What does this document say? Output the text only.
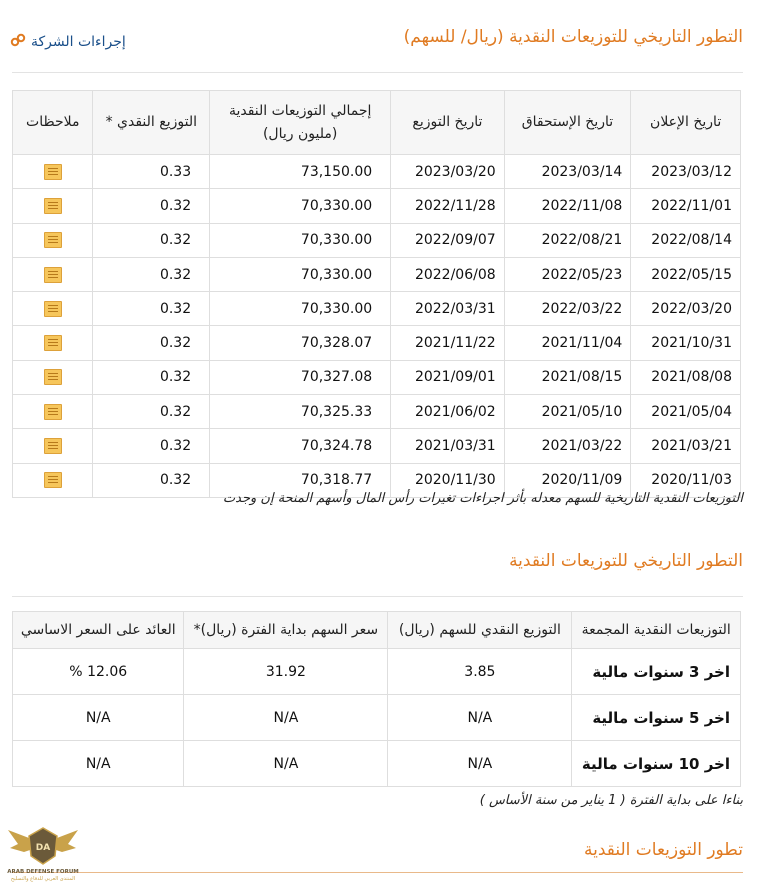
التطور التاريخي للتوزيعات النقدية (ريال/ للسهم)
إجراءات الشركة
تاريخ الإعلان	تاريخ الإستحقاق	تاريخ التوزيع	إجمالي التوزيعات النقدية (مليون ريال)	التوزيع النقدي *	ملاحظات
2023/03/12	2023/03/14	2023/03/20	73,150.00	0.33	
2022/11/01	2022/11/08	2022/11/28	70,330.00	0.32	
2022/08/14	2022/08/21	2022/09/07	70,330.00	0.32	
2022/05/15	2022/05/23	2022/06/08	70,330.00	0.32	
2022/03/20	2022/03/22	2022/03/31	70,330.00	0.32	
2021/10/31	2021/11/04	2021/11/22	70,328.07	0.32	
2021/08/08	2021/08/15	2021/09/01	70,327.08	0.32	
2021/05/04	2021/05/10	2021/06/02	70,325.33	0.32	
2021/03/21	2021/03/22	2021/03/31	70,324.78	0.32	
2020/11/03	2020/11/09	2020/11/30	70,318.77	0.32	
التوزيعات النقدية التاريخية للسهم معدله بأثر اجراءات تغيرات رأس المال وأسهم المنحة إن وجدت
التطور التاريخي للتوزيعات النقدية
التوزيعات النقدية المجمعة	التوزيع النقدي للسهم (ريال)	سعر السهم بداية الفترة (ريال)*	العائد على السعر الاساسي
اخر 3 سنوات مالية	3.85	31.92	12.06 %
اخر 5 سنوات مالية	N/A	N/A	N/A
اخر 10 سنوات مالية	N/A	N/A	N/A
بناءا على بداية الفترة ( 1 يناير من سنة الأساس )
تطور التوزيعات النقدية
DA
ARAB DEFENSE FORUM
المنتدى العربي للدفاع والتسليح
